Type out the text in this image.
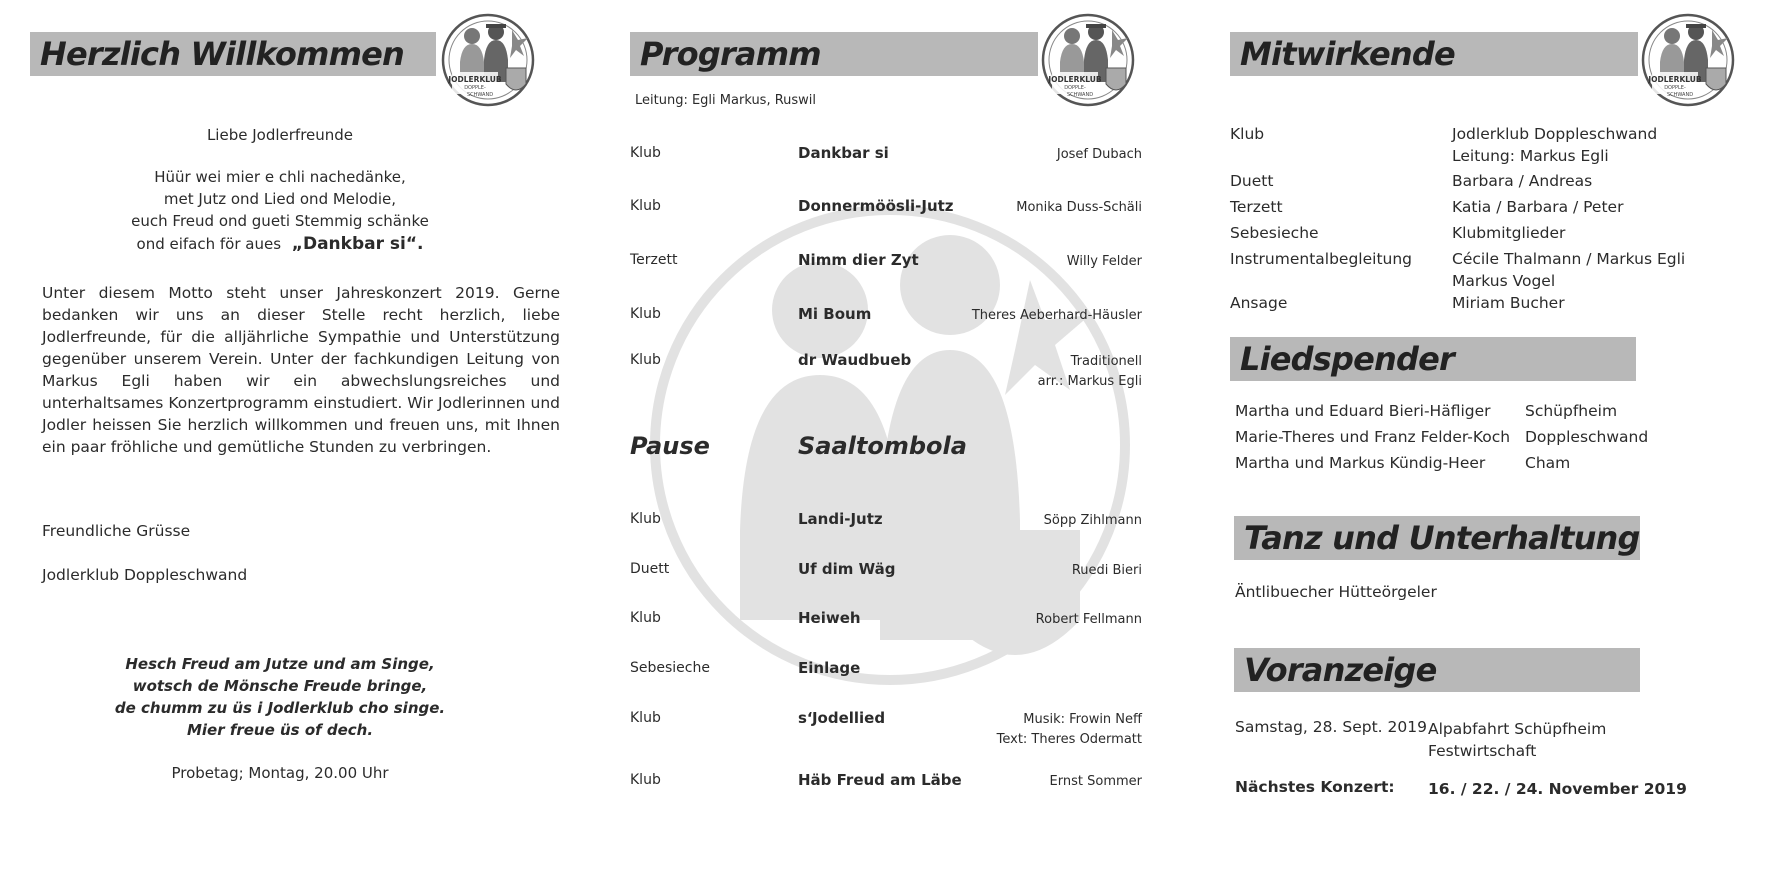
Herzlich Willkommen
JODLERKLUB
DOPPLE-
SCHWAND
Liebe Jodlerfreunde
Hüür wei mier e chli nachedänke,
met Jutz ond Lied ond Melodie,
euch Freud ond gueti Stemmig schänke
ond eifach för aues „Dankbar si“.
Unter diesem Motto steht unser Jahreskonzert 2019. Gerne bedanken wir uns an dieser Stelle recht herzlich, liebe Jodlerfreunde, für die alljährliche Sympathie und Unterstützung gegenüber unserem Verein. Unter der fachkundigen Leitung von Markus Egli haben wir ein abwechslungsreiches und unterhaltsames Konzertprogramm einstudiert. Wir Jodlerinnen und Jodler heissen Sie herzlich willkommen und freuen uns, mit Ihnen ein paar fröhliche und gemütliche Stunden zu verbringen.
Freundliche Grüsse
Jodlerklub Doppleschwand
Hesch Freud am Jutze und am Singe,
wotsch de Mönsche Freude bringe,
de chumm zu üs i Jodlerklub cho singe.
Mier freue üs of dech.
Probetag; Montag, 20.00 Uhr
Programm
JODLERKLUB
DOPPLE-
SCHWAND
Leitung: Egli Markus, Ruswil
Klub	Dankbar si	Josef Dubach
Klub	Donnermöösli-Jutz	Monika Duss-Schäli
Terzett	Nimm dier Zyt	Willy Felder
Klub	Mi Boum	Theres Aeberhard-Häusler
Klub	dr Waudbueb	Traditionell
arr.: Markus Egli
Pause	Saaltombola
Klub	Landi-Jutz	Söpp Zihlmann
Duett	Uf dim Wäg	Ruedi Bieri
Klub	Heiweh	Robert Fellmann
Sebesieche	Einlage
Klub	s‘Jodellied	Musik: Frowin Neff
Text: Theres Odermatt
Klub	Häb Freud am Läbe	Ernst Sommer
Mitwirkende
JODLERKLUB
DOPPLE-
SCHWAND
Klub	Jodlerklub Doppleschwand
Leitung: Markus Egli
Duett	Barbara / Andreas
Terzett	Katia / Barbara / Peter
Sebesieche	Klubmitglieder
Instrumentalbegleitung	Cécile Thalmann / Markus Egli
Markus Vogel
Ansage	Miriam Bucher
Liedspender
Martha und Eduard Bieri-Häfliger Schüpfheim
Marie-Theres und Franz Felder-Koch Doppleschwand
Martha und Markus Kündig-Heer	Cham
Tanz und Unterhaltung
Äntlibuecher Hütteörgeler
Voranzeige
Samstag, 28. Sept. 2019 Alpabfahrt Schüpfheim
Festwirtschaft
Nächstes Konzert: 16. / 22. / 24. November 2019
